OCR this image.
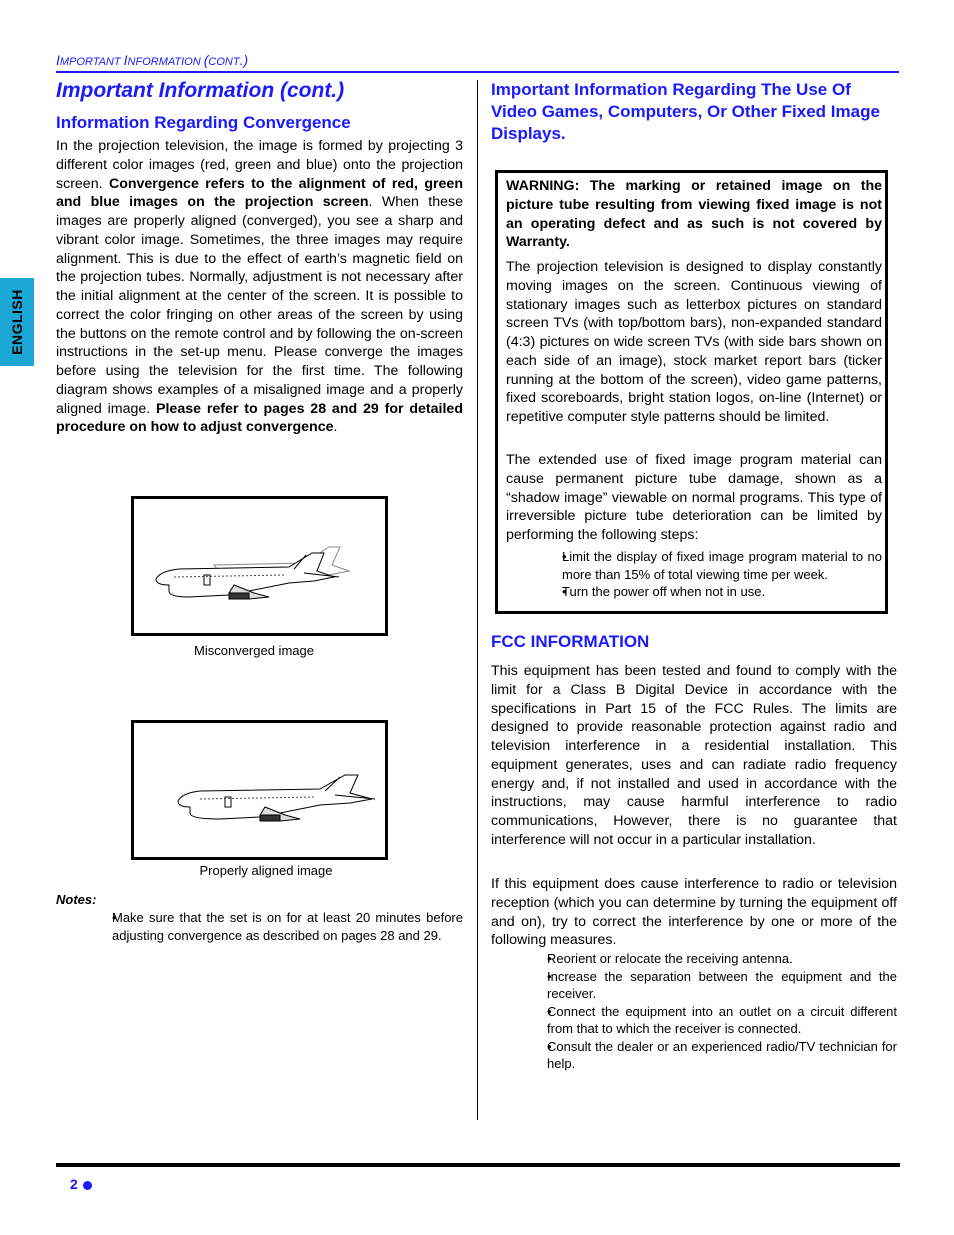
IMPORTANT INFORMATION (CONT.)
ENGLISH
Important Information (cont.)
Information Regarding Convergence

In the projection television, the image is formed by projecting 3 different color images (red, green and blue) onto the projection screen. Convergence refers to the alignment of red, green and blue images on the projection screen. When these images are properly aligned (converged), you see a sharp and vibrant color image. Sometimes, the three images may require alignment. This is due to the effect of earth’s magnetic field on the projection tubes. Normally, adjustment is not necessary after the initial alignment at the center of the screen. It is possible to correct the color fringing on other areas of the screen by using the buttons on the remote control and by following the on-screen instructions in the set-up menu. Please converge the images before using the television for the first time. The following diagram shows examples of a misaligned image and a properly aligned image. Please refer to pages 28 and 29 for detailed procedure on how to adjust convergence.

Misconverged image
Properly aligned image
Notes:
• Make sure that the set is on for at least 20 minutes before adjusting convergence as described on pages 28 and 29.
Important Information Regarding The Use Of Video Games, Computers, Or Other Fixed Image Displays.

WARNING: The marking or retained image on the picture tube resulting from viewing fixed image is not an operating defect and as such is not covered by Warranty.

The projection television is designed to display constantly moving images on the screen. Continuous viewing of stationary images such as letterbox pictures on standard screen TVs (with top/bottom bars), non-expanded standard (4:3) pictures on wide screen TVs (with side bars shown on each side of an image), stock market report bars (ticker running at the bottom of the screen), video game patterns, fixed scoreboards, bright station logos, on-line (Internet) or repetitive computer style patterns should be limited.

The extended use of fixed image program material can cause permanent picture tube damage, shown as a “shadow image” viewable on normal programs. This type of irreversible picture tube deterioration can be limited by performing the following steps:

• Limit the display of fixed image program material to no more than 15% of total viewing time per week.
• Turn the power off when not in use.
FCC INFORMATION

This equipment has been tested and found to comply with the limit for a Class B Digital Device in accordance with the specifications in Part 15 of the FCC Rules. The limits are designed to provide reasonable protection against radio and television interference in a residential installation. This equipment generates, uses and can radiate radio frequency energy and, if not installed and used in accordance with the instructions, may cause harmful interference to radio communications, However, there is no guarantee that interference will not occur in a particular installation.

If this equipment does cause interference to radio or television reception (which you can determine by turning the equipment off and on), try to correct the interference by one or more of the following measures.

• Reorient or relocate the receiving antenna.
• Increase the separation between the equipment and the receiver.
• Connect the equipment into an outlet on a circuit different from that to which the receiver is connected.
• Consult the dealer or an experienced radio/TV technician for help.
2
